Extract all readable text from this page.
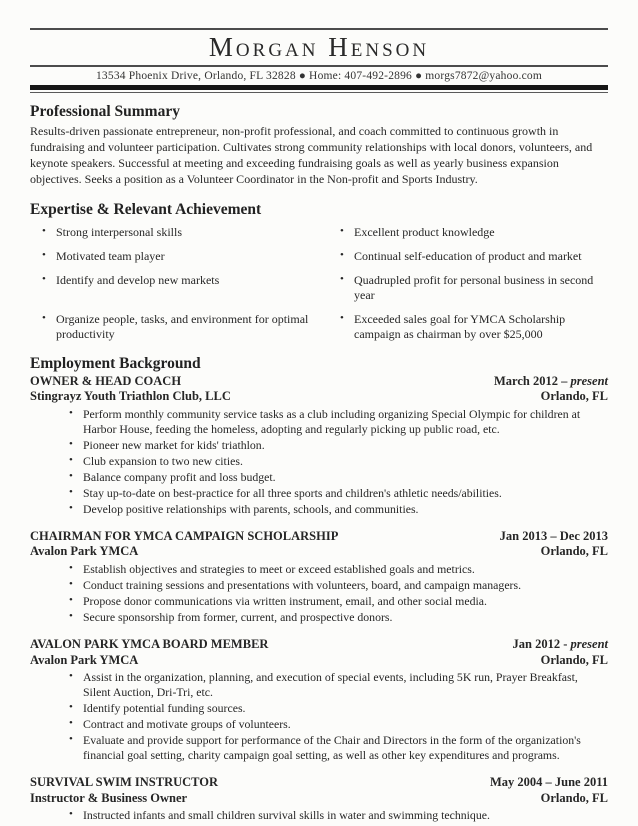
Morgan Henson

13534 Phoenix Drive, Orlando, FL 32828 ● Home: 407-492-2896 ● morgs7872@yahoo.com

Professional Summary

Results-driven passionate entrepreneur, non-profit professional, and coach committed to continuous growth in fundraising and volunteer participation. Cultivates strong community relationships with local donors, volunteers, and keynote speakers. Successful at meeting and exceeding fundraising goals as well as yearly business expansion objectives. Seeks a position as a Volunteer Coordinator in the Non-profit and Sports Industry.

Expertise & Relevant Achievement
• Strong interpersonal skills
• Motivated team player
• Identify and develop new markets
• Organize people, tasks, and environment for optimal productivity
• Excellent product knowledge
• Continual self-education of product and market
• Quadrupled profit for personal business in second year
• Exceeded sales goal for YMCA Scholarship campaign as chairman by over $25,000
Employment Background
OWNER & HEAD COACH	March 2012 – present
Stingrayz Youth Triathlon Club, LLC	Orlando, FL
• Perform monthly community service tasks as a club including organizing Special Olympic for children at Harbor House, feeding the homeless, adopting and regularly picking up public road, etc.
• Pioneer new market for kids' triathlon.
• Club expansion to two new cities.
• Balance company profit and loss budget.
• Stay up-to-date on best-practice for all three sports and children's athletic needs/abilities.
• Develop positive relationships with parents, schools, and communities.
CHAIRMAN FOR YMCA CAMPAIGN SCHOLARSHIP	Jan 2013 – Dec 2013
Avalon Park YMCA	Orlando, FL
• Establish objectives and strategies to meet or exceed established goals and metrics.
• Conduct training sessions and presentations with volunteers, board, and campaign managers.
• Propose donor communications via written instrument, email, and other social media.
• Secure sponsorship from former, current, and prospective donors.
AVALON PARK YMCA BOARD MEMBER	Jan 2012 - present
Avalon Park YMCA	Orlando, FL
• Assist in the organization, planning, and execution of special events, including 5K run, Prayer Breakfast, Silent Auction, Dri-Tri, etc.
• Identify potential funding sources.
• Contract and motivate groups of volunteers.
• Evaluate and provide support for performance of the Chair and Directors in the form of the organization's financial goal setting, charity campaign goal setting, as well as other key expenditures and programs.
SURVIVAL SWIM INSTRUCTOR	May 2004 – June 2011
Instructor & Business Owner	Orlando, FL
• Instructed infants and small children survival skills in water and swimming technique.
